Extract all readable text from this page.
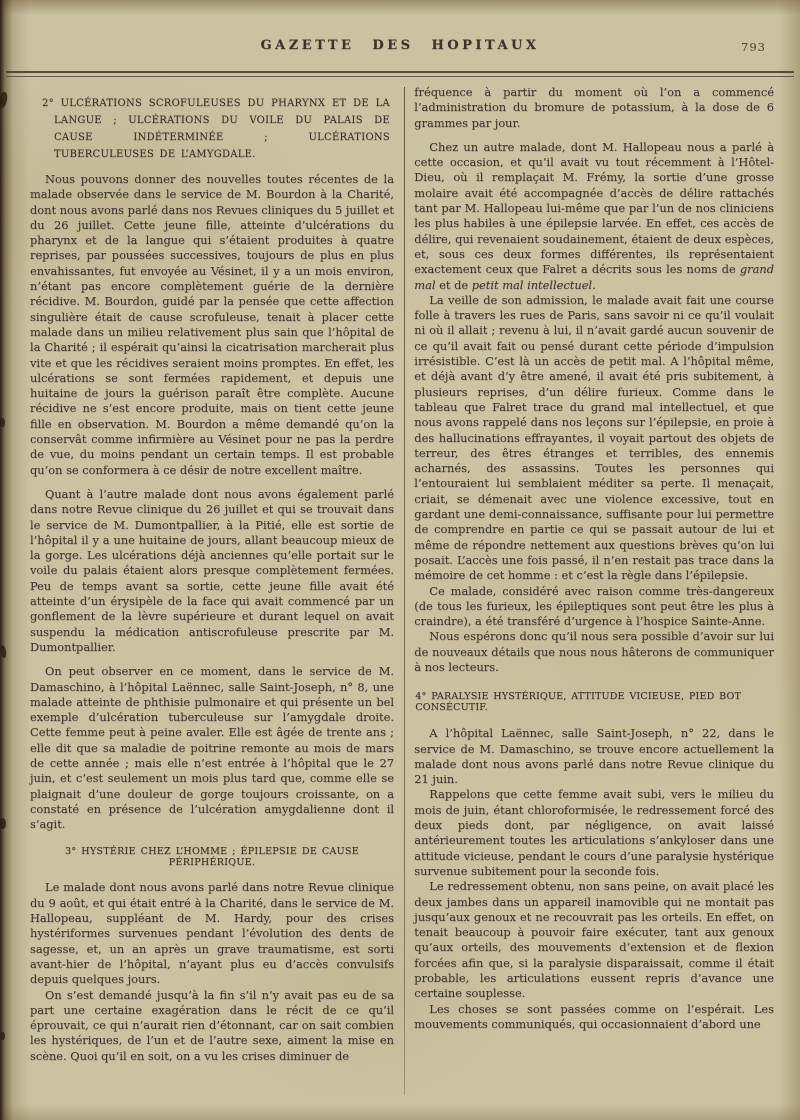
GAZETTE DES HOPITAUX	793
2° ULCÉRATIONS SCROFULEUSES DU PHARYNX ET DE LA LANGUE ; ULCÉRATIONS DU VOILE DU PALAIS DE CAUSE INDÉTERMINÉE ; ULCÉRATIONS TUBERCULEUSES DE L’AMYGDALE.

Nous pouvons donner des nouvelles toutes récentes de la malade observée dans le service de M. Bourdon à la Charité, dont nous avons parlé dans nos Revues cliniques du 5 juillet et du 26 juillet. Cette jeune fille, atteinte d’ulcérations du pharynx et de la langue qui s’étaient produites à quatre reprises, par poussées successives, toujours de plus en plus envahissantes, fut envoyée au Vésinet, il y a un mois environ, n’étant pas encore complètement guérie de la dernière récidive. M. Bourdon, guidé par la pensée que cette affection singulière était de cause scrofuleuse, tenait à placer cette malade dans un milieu relativement plus sain que l’hôpital de la Charité ; il espérait qu’ainsi la cicatrisation marcherait plus vite et que les récidives seraient moins promptes. En effet, les ulcérations se sont fermées rapidement, et depuis une huitaine de jours la guérison paraît être complète. Aucune récidive ne s’est encore produite, mais on tient cette jeune fille en observation. M. Bourdon a même demandé qu’on la conservât comme infirmière au Vésinet pour ne pas la perdre de vue, du moins pendant un certain temps. Il est probable qu’on se conformera à ce désir de notre excellent maître.

Quant à l’autre malade dont nous avons également parlé dans notre Revue clinique du 26 juillet et qui se trouvait dans le service de M. Dumontpallier, à la Pitié, elle est sortie de l’hôpital il y a une huitaine de jours, allant beaucoup mieux de la gorge. Les ulcérations déjà anciennes qu’elle portait sur le voile du palais étaient alors presque complètement fermées. Peu de temps avant sa sortie, cette jeune fille avait été atteinte d’un érysipèle de la face qui avait commencé par un gonflement de la lèvre supérieure et durant lequel on avait suspendu la médication antiscrofuleuse prescrite par M. Dumontpallier.

On peut observer en ce moment, dans le service de M. Damaschino, à l’hôpital Laënnec, salle Saint-Joseph, n° 8, une malade atteinte de phthisie pulmonaire et qui présente un bel exemple d’ulcération tuberculeuse sur l’amygdale droite. Cette femme peut à peine avaler. Elle est âgée de trente ans ; elle dit que sa maladie de poitrine remonte au mois de mars de cette année ; mais elle n’est entrée à l’hôpital que le 27 juin, et c’est seulement un mois plus tard que, comme elle se plaignait d’une douleur de gorge toujours croissante, on a constaté en présence de l’ulcération amygdalienne dont il s’agit.

3° HYSTÉRIE CHEZ L’HOMME ; ÉPILEPSIE DE CAUSE PÉRIPHÉRIQUE.

Le malade dont nous avons parlé dans notre Revue clinique du 9 août, et qui était entré à la Charité, dans le service de M. Hallopeau, suppléant de M. Hardy, pour des crises hystériformes survenues pendant l’évolution des dents de sagesse, et, un an après un grave traumatisme, est sorti avant-hier de l’hôpital, n’ayant plus eu d’accès convulsifs depuis quelques jours.

On s’est demandé jusqu’à la fin s’il n’y avait pas eu de sa part une certaine exagération dans le récit de ce qu’il éprouvait, ce qui n’aurait rien d’étonnant, car on sait combien les hystériques, de l’un et de l’autre sexe, aiment la mise en scène. Quoi qu’il en soit, on a vu les crises diminuer de

fréquence à partir du moment où l’on a commencé l’administration du bromure de potassium, à la dose de 6 grammes par jour.

Chez un autre malade, dont M. Hallopeau nous a parlé à cette occasion, et qu’il avait vu tout récemment à l’Hôtel-Dieu, où il remplaçait M. Frémy, la sortie d’une grosse molaire avait été accompagnée d’accès de délire rattachés tant par M. Hallopeau lui-même que par l’un de nos cliniciens les plus habiles à une épilepsie larvée. En effet, ces accès de délire, qui revenaient soudainement, étaient de deux espèces, et, sous ces deux formes différentes, ils représentaient exactement ceux que Falret a décrits sous les noms de grand mal et de petit mal intellectuel.

La veille de son admission, le malade avait fait une course folle à travers les rues de Paris, sans savoir ni ce qu’il voulait ni où il allait ; revenu à lui, il n’avait gardé aucun souvenir de ce qu’il avait fait ou pensé durant cette période d’impulsion irrésistible. C’est là un accès de petit mal. A l’hôpital même, et déjà avant d’y être amené, il avait été pris subitement, à plusieurs reprises, d’un délire furieux. Comme dans le tableau que Falret trace du grand mal intellectuel, et que nous avons rappelé dans nos leçons sur l’épilepsie, en proie à des hallucinations effrayantes, il voyait partout des objets de terreur, des êtres étranges et terribles, des ennemis acharnés, des assassins. Toutes les personnes qui l’entouraient lui semblaient méditer sa perte. Il menaçait, criait, se démenait avec une violence excessive, tout en gardant une demi-connaissance, suffisante pour lui permettre de comprendre en partie ce qui se passait autour de lui et même de répondre nettement aux questions brèves qu’on lui posait. L’accès une fois passé, il n’en restait pas trace dans la mémoire de cet homme : et c’est la règle dans l’épilepsie.

Ce malade, considéré avec raison comme très-dangereux (de tous les furieux, les épileptiques sont peut être les plus à craindre), a été transféré d’urgence à l’hospice Sainte-Anne.

Nous espérons donc qu’il nous sera possible d’avoir sur lui de nouveaux détails que nous nous hâterons de communiquer à nos lecteurs.

4° PARALYSIE HYSTÉRIQUE, ATTITUDE VICIEUSE, PIED BOT CONSÉCUTIF.

A l’hôpital Laënnec, salle Saint-Joseph, n° 22, dans le service de M. Damaschino, se trouve encore actuellement la malade dont nous avons parlé dans notre Revue clinique du 21 juin.

Rappelons que cette femme avait subi, vers le milieu du mois de juin, étant chloroformisée, le redressement forcé des deux pieds dont, par négligence, on avait laissé antérieurement toutes les articulations s’ankyloser dans une attitude vicieuse, pendant le cours d’une paralysie hystérique survenue subitement pour la seconde fois.

Le redressement obtenu, non sans peine, on avait placé les deux jambes dans un appareil inamovible qui ne montait pas jusqu’aux genoux et ne recouvrait pas les orteils. En effet, on tenait beaucoup à pouvoir faire exécuter, tant aux genoux qu’aux orteils, des mouvements d’extension et de flexion forcées afin que, si la paralysie disparaissait, comme il était probable, les articulations eussent repris d’avance une certaine souplesse.

Les choses se sont passées comme on l’espérait. Les mouvements communiqués, qui occasionnaient d’abord une
